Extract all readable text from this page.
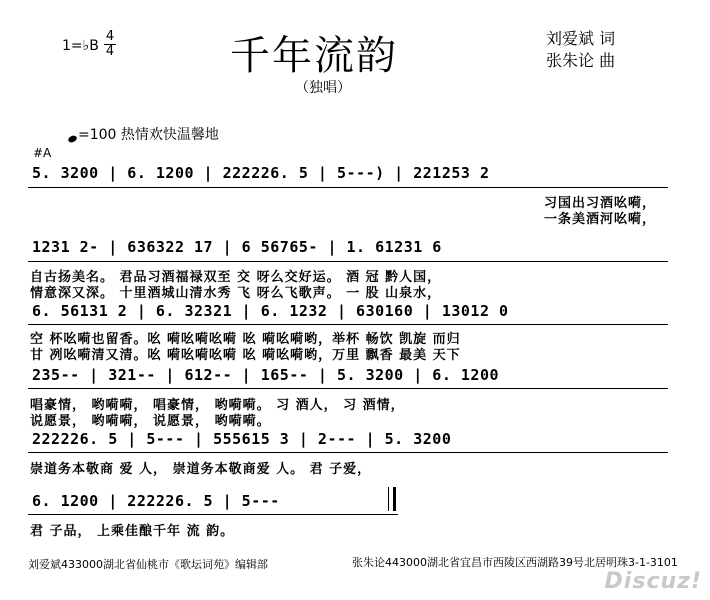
1=♭B
4
4	千年流韵
（独唱）
刘爱斌 词
张朱论 曲
=100 热情欢快温馨地
#A
5. 3200 | 6. 1200 | 222226. 5 | 5---) | 221253 2
习国出习酒吆嗬，
一条美酒河吆嗬，
1231 2- | 636322 17 | 6 56765- | 1. 61231 6
自古扬美名。 君品习酒福禄双至 交 呀么交好运。 酒 冠 黔人国，
情意深又深。 十里酒城山清水秀 飞 呀么飞歌声。 一 股 山泉水，
6. 56131 2 | 6. 32321 | 6. 1232 | 630160 | 13012 0
空 杯吆嗬也留香。吆 嗬吆嗬吆嗬 吆 嗬吆嗬哟，举杯 畅饮 凯旋 而归
甘 冽吆嗬清又清。吆 嗬吆嗬吆嗬 吆 嗬吆嗬哟，万里 飘香 最美 天下
235-- | 321-- | 612-- | 165-- | 5. 3200 | 6. 1200
唱豪情， 哟嗬嗬， 唱豪情， 哟嗬嗬。 习 酒人， 习 酒情，
说愿景， 哟嗬嗬， 说愿景， 哟嗬嗬。
222226. 5 | 5--- | 555615 3 | 2--- | 5. 3200
崇道务本敬商 爱 人， 崇道务本敬商爱 人。 君 子爱，
6. 1200 | 222226. 5 | 5---
君 子品， 上乘佳酿千年 流 韵。
刘爱斌433000湖北省仙桃市《歌坛词苑》编辑部	张朱论443000湖北省宜昌市西陵区西湖路39号北居明珠3-1-3101
Discuz!
